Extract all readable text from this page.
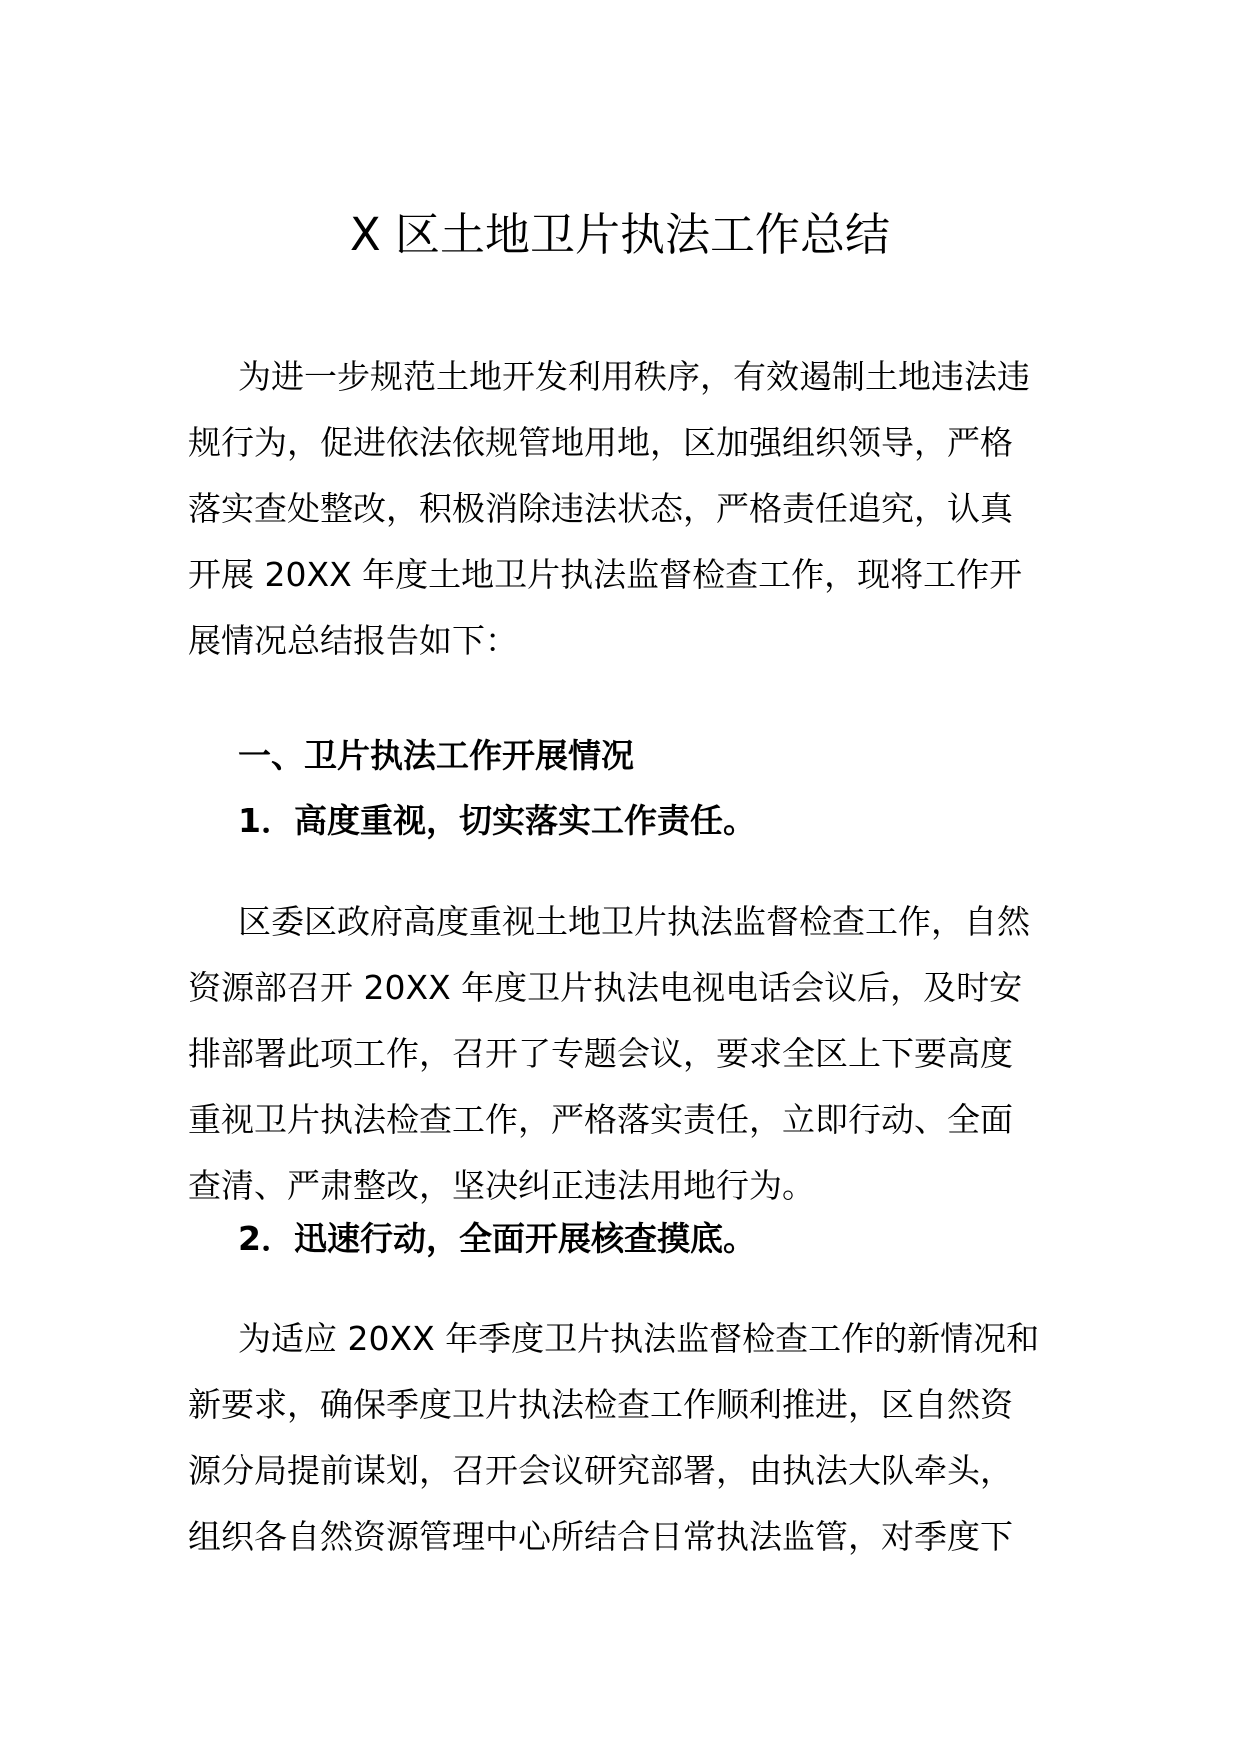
X 区土地卫片执法工作总结
为进一步规范土地开发利用秩序，有效遏制土地违法违
规行为，促进依法依规管地用地，区加强组织领导，严格
落实查处整改，积极消除违法状态，严格责任追究，认真
开展 20XX 年度土地卫片执法监督检查工作，现将工作开
展情况总结报告如下：
一、卫片执法工作开展情况
1．高度重视，切实落实工作责任。
区委区政府高度重视土地卫片执法监督检查工作，自然
资源部召开 20XX 年度卫片执法电视电话会议后，及时安
排部署此项工作，召开了专题会议，要求全区上下要高度
重视卫片执法检查工作，严格落实责任，立即行动、全面
查清、严肃整改，坚决纠正违法用地行为。
2．迅速行动，全面开展核查摸底。
为适应 20XX 年季度卫片执法监督检查工作的新情况和
新要求，确保季度卫片执法检查工作顺利推进，区自然资
源分局提前谋划，召开会议研究部署，由执法大队牵头，
组织各自然资源管理中心所结合日常执法监管，对季度下
